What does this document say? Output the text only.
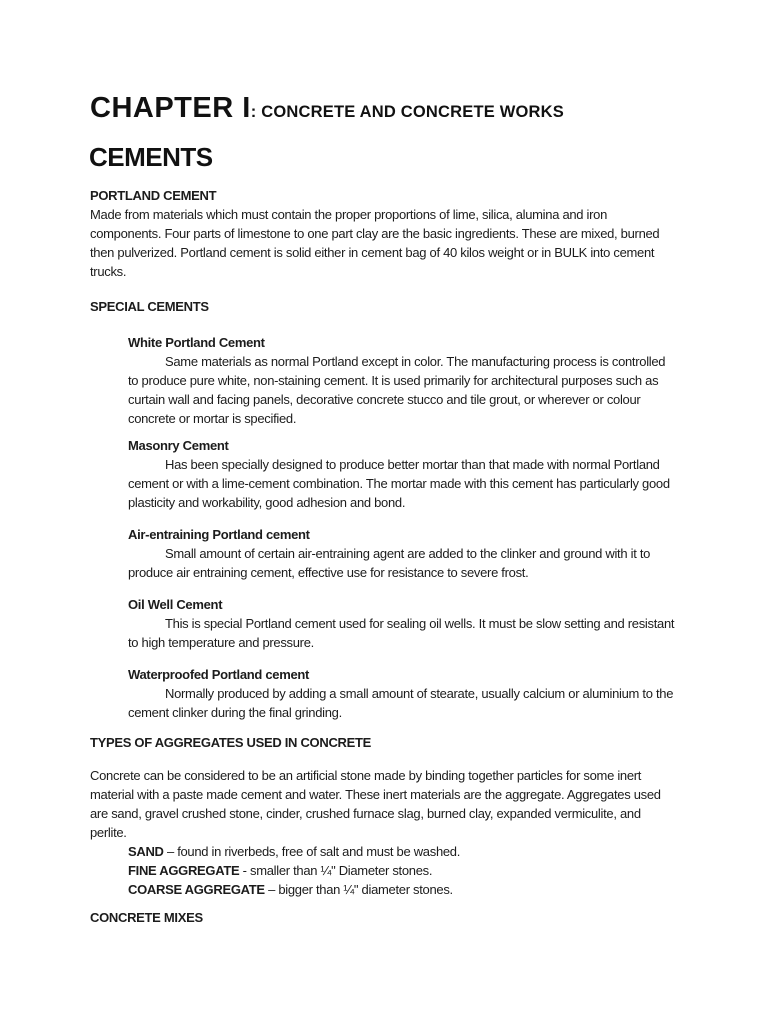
CHAPTER I: CONCRETE AND CONCRETE WORKS
CEMENTS
PORTLAND CEMENT
Made from materials which must contain the proper proportions of lime, silica, alumina and iron components. Four parts of limestone to one part clay are the basic ingredients. These are mixed, burned then pulverized. Portland cement is solid either in cement bag of 40 kilos weight or in BULK into cement trucks.
SPECIAL CEMENTS
White Portland Cement
Same materials as normal Portland except in color. The manufacturing process is controlled to produce pure white, non-staining cement. It is used primarily for architectural purposes such as curtain wall and facing panels, decorative concrete stucco and tile grout, or wherever or colour concrete or mortar is specified.
Masonry Cement
Has been specially designed to produce better mortar than that made with normal Portland cement or with a lime-cement combination. The mortar made with this cement has particularly good plasticity and workability, good adhesion and bond.
Air-entraining Portland cement
Small amount of certain air-entraining agent are added to the clinker and ground with it to produce air entraining cement, effective use for resistance to severe frost.
Oil Well Cement
This is special Portland cement used for sealing oil wells. It must be slow setting and resistant to high temperature and pressure.
Waterproofed Portland cement
Normally produced by adding a small amount of stearate, usually calcium or aluminium to the cement clinker during the final grinding.
TYPES OF AGGREGATES USED IN CONCRETE
Concrete can be considered to be an artificial stone made by binding together particles for some inert material with a paste made cement and water. These inert materials are the aggregate. Aggregates used are sand, gravel crushed stone, cinder, crushed furnace slag, burned clay, expanded vermiculite, and perlite.
SAND – found in riverbeds, free of salt and must be washed.
FINE AGGREGATE - smaller than ¼" Diameter stones.
COARSE AGGREGATE – bigger than ¼" diameter stones.
CONCRETE MIXES
